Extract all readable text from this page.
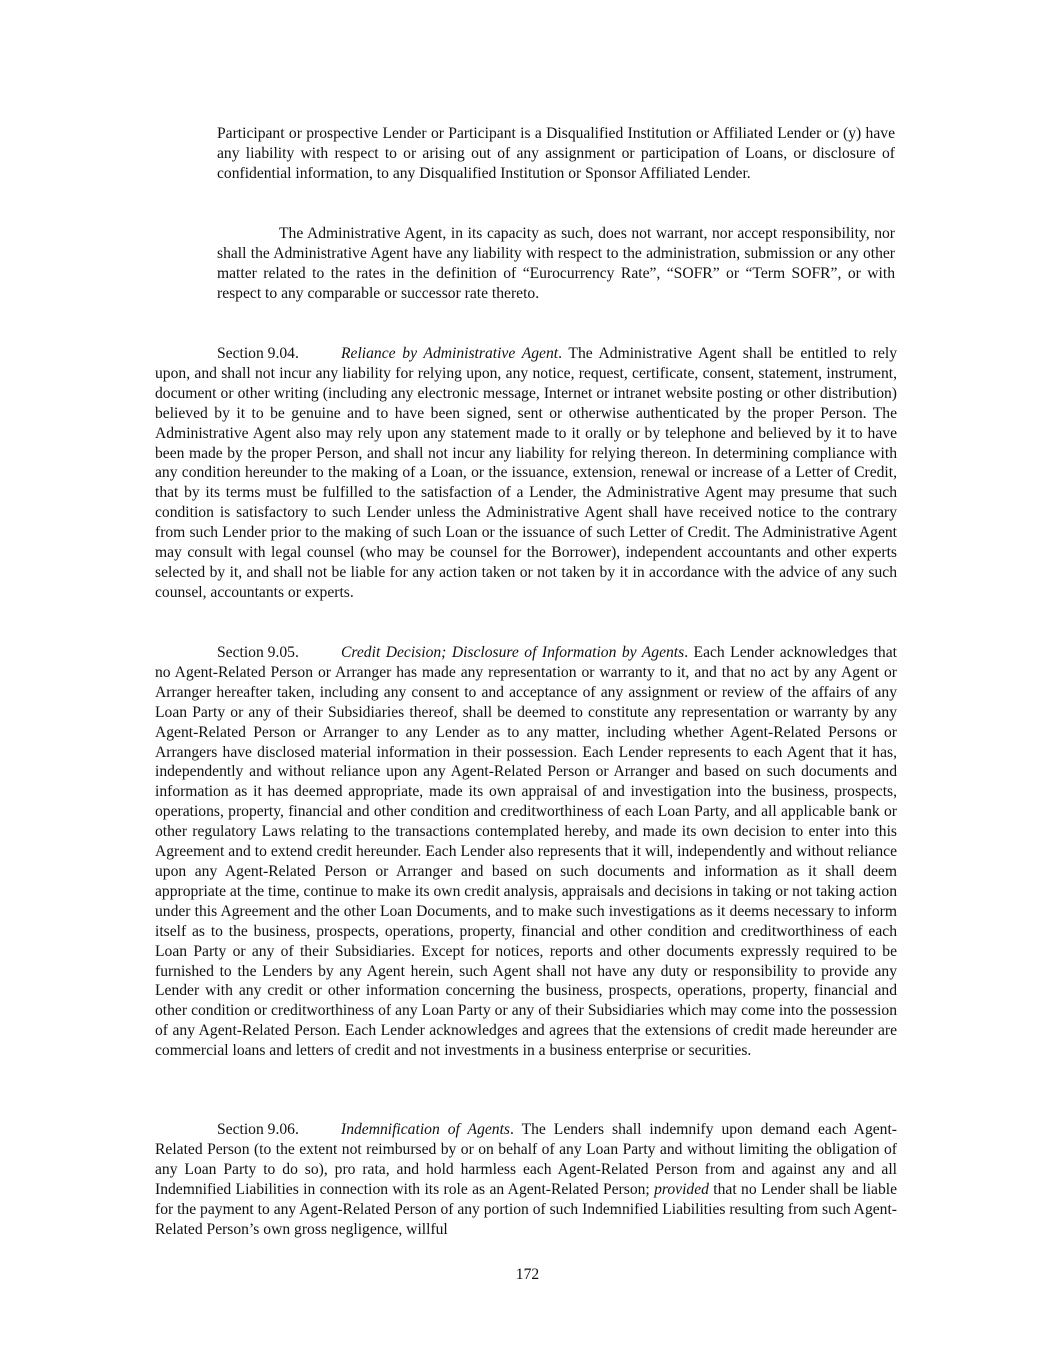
Participant or prospective Lender or Participant is a Disqualified Institution or Affiliated Lender or (y) have any liability with respect to or arising out of any assignment or participation of Loans, or disclosure of confidential information, to any Disqualified Institution or Sponsor Affiliated Lender.

The Administrative Agent, in its capacity as such, does not warrant, nor accept responsibility, nor shall the Administrative Agent have any liability with respect to the administration, submission or any other matter related to the rates in the definition of “Eurocurrency Rate”, “SOFR” or “Term SOFR”, or with respect to any comparable or successor rate thereto.

Section 9.04.	Reliance by Administrative Agent. The Administrative Agent shall be entitled to rely upon, and shall not incur any liability for relying upon, any notice, request, certificate, consent, statement, instrument, document or other writing (including any electronic message, Internet or intranet website posting or other distribution) believed by it to be genuine and to have been signed, sent or otherwise authenticated by the proper Person. The Administrative Agent also may rely upon any statement made to it orally or by telephone and believed by it to have been made by the proper Person, and shall not incur any liability for relying thereon. In determining compliance with any condition hereunder to the making of a Loan, or the issuance, extension, renewal or increase of a Letter of Credit, that by its terms must be fulfilled to the satisfaction of a Lender, the Administrative Agent may presume that such condition is satisfactory to such Lender unless the Administrative Agent shall have received notice to the contrary from such Lender prior to the making of such Loan or the issuance of such Letter of Credit. The Administrative Agent may consult with legal counsel (who may be counsel for the Borrower), independent accountants and other experts selected by it, and shall not be liable for any action taken or not taken by it in accordance with the advice of any such counsel, accountants or experts.

Section 9.05.	Credit Decision; Disclosure of Information by Agents. Each Lender acknowledges that no Agent-Related Person or Arranger has made any representation or warranty to it, and that no act by any Agent or Arranger hereafter taken, including any consent to and acceptance of any assignment or review of the affairs of any Loan Party or any of their Subsidiaries thereof, shall be deemed to constitute any representation or warranty by any Agent-Related Person or Arranger to any Lender as to any matter, including whether Agent-Related Persons or Arrangers have disclosed material information in their possession. Each Lender represents to each Agent that it has, independently and without reliance upon any Agent-Related Person or Arranger and based on such documents and information as it has deemed appropriate, made its own appraisal of and investigation into the business, prospects, operations, property, financial and other condition and creditworthiness of each Loan Party, and all applicable bank or other regulatory Laws relating to the transactions contemplated hereby, and made its own decision to enter into this Agreement and to extend credit hereunder. Each Lender also represents that it will, independently and without reliance upon any Agent-Related Person or Arranger and based on such documents and information as it shall deem appropriate at the time, continue to make its own credit analysis, appraisals and decisions in taking or not taking action under this Agreement and the other Loan Documents, and to make such investigations as it deems necessary to inform itself as to the business, prospects, operations, property, financial and other condition and creditworthiness of each Loan Party or any of their Subsidiaries. Except for notices, reports and other documents expressly required to be furnished to the Lenders by any Agent herein, such Agent shall not have any duty or responsibility to provide any Lender with any credit or other information concerning the business, prospects, operations, property, financial and other condition or creditworthiness of any Loan Party or any of their Subsidiaries which may come into the possession of any Agent-Related Person. Each Lender acknowledges and agrees that the extensions of credit made hereunder are commercial loans and letters of credit and not investments in a business enterprise or securities.

Section 9.06.	Indemnification of Agents. The Lenders shall indemnify upon demand each Agent-Related Person (to the extent not reimbursed by or on behalf of any Loan Party and without limiting the obligation of any Loan Party to do so), pro rata, and hold harmless each Agent-Related Person from and against any and all Indemnified Liabilities in connection with its role as an Agent-Related Person; provided that no Lender shall be liable for the payment to any Agent-Related Person of any portion of such Indemnified Liabilities resulting from such Agent-Related Person’s own gross negligence, willful

172
